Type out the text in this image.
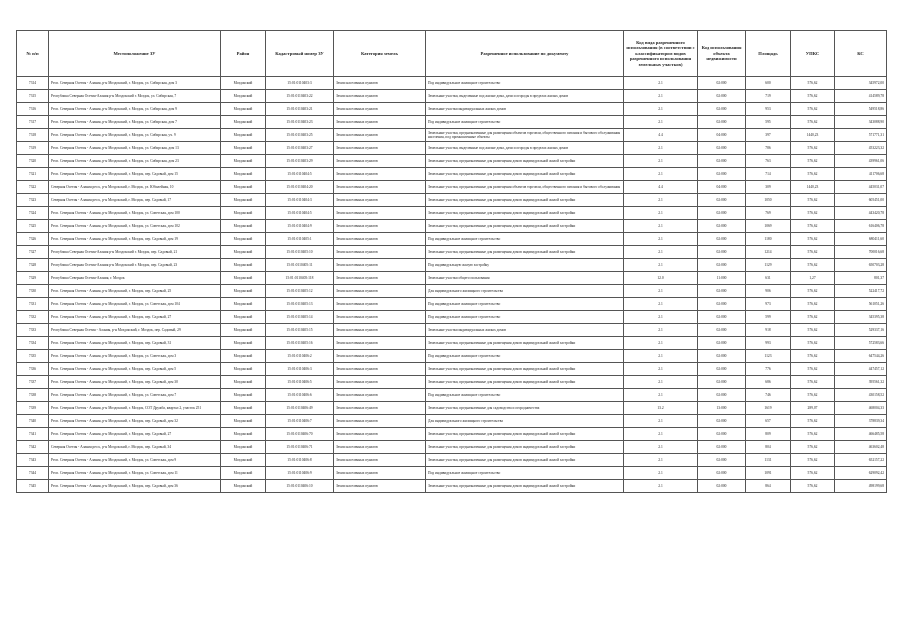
№ п/п	Местоположение ЗУ	Район	Кадастровый номер ЗУ	Категория земель	Разрешенное использование по документу	Код вида разрешенного использования (в соответствии с классификатором видов разрешенного использования земельных участков)	Код использования объекта недвижимости	Площадь	УПКС	КС
7314	Респ. Северная Осетия - Алания, р-н Моздокский, г. Моздок, ул. Сибирская, дом 3	Моздокский	15:01:0110403:3	Земли населенных пунктов	Под индивидуальное жилищное строительство	2.1	02:000	600	576,62	345972,00
7315	Республика Северная Осетия-Алания р-н Моздокский г. Моздок, ул. Сибирская, 7	Моздокский	15:01:0110403:22	Земли населенных пунктов	Земельные участки, выделенные под жилые дома, дачи и огороды в пределах жилых домов	2.1	02:000	719	576,62	414589,78
7316	Респ. Северная Осетия - Алания, р-н Моздокский, г. Моздок, ул. Сибирская, дом 9	Моздокский	15:01:0110403:21	Земли населенных пунктов	Земельные участки индивидуальных жилых домов	2.1	02:000	953	576,62	549518,86
7317	Респ. Северная Осетия - Алания, р-н Моздокский, г. Моздок, ул. Сибирская, дом 7	Моздокский	15:01:0110403:23	Земли населенных пунктов	Под индивидуальное жилищное строительство	2.1	02:000	595	576,62	343088,90
7318	Респ. Северная Осетия - Алания, р-н Моздокский, г. Моздок, ул. Сибирская, уч. 9	Моздокский	15:01:0110403:25	Земли населенных пунктов	Земельные участки, предназначенные для размещения объектов торговли, общественного питания и бытового обслуживания населения, под промышленные объекты	4.4	04:000	397	1440,23	571771,31
7319	Респ. Северная Осетия - Алания, р-н Моздокский, г. Моздок, ул. Сибирская, дом 13	Моздокский	15:01:0110403:27	Земли населенных пунктов	Земельные участки, выделенные под жилые дома, дачи и огороды в пределах жилых домов	2.1	02:000	786	576,62	453223,32
7320	Респ. Северная Осетия - Алания, р-н Моздокский, г. Моздок, ул. Сибирская, дом 23	Моздокский	15:01:0110403:29	Земли населенных пунктов	Земельные участки, предназначенные для размещения домов индивидуальной жилой застройки	2.1	02:000	763	576,62	439961,06
7321	Респ. Северная Осетия - Алания, р-н Моздокский, г. Моздок, пер. Садовый, дом 15	Моздокский	15:01:0110404:5	Земли населенных пунктов	Земельные участки, предназначенные для размещения домов индивидуальной жилой застройки	2.1	02:000	714	576,62	411706,68
7322	Северная Осетия - Алания респ., р-н Моздокский, г. Моздок, ул. Юбилейная, 10	Моздокский	15:01:0110404:20	Земли населенных пунктов	Земельные участки, предназначенные для размещения объектов торговли, общественного питания и бытового обслуживания	4.4	04:000	309	1440,23	445031,07
7323	Северная Осетия - Алания респ., р-н Моздокский, г. Моздок, пер. Садовый, 17	Моздокский	15:01:0110404:3	Земли населенных пунктов	Земельные участки, предназначенные для размещения домов индивидуальной жилой застройки	2.1	02:000	1050	576,62	605451,00
7324	Респ. Северная Осетия - Алания, р-н Моздокский, г. Моздок, ул. Советская, дом 100	Моздокский	15:01:0110404:5	Земли населенных пунктов	Земельные участки, предназначенные для размещения домов индивидуальной жилой застройки	2.1	02:000	769	576,62	443420,78
7325	Респ. Северная Осетия - Алания, р-н Моздокский, г. Моздок, ул. Советская, дом 102	Моздокский	15:01:0110404:9	Земли населенных пунктов	Земельные участки, предназначенные для размещения домов индивидуальной жилой застройки	2.1	02:000	1069	576,62	616406,78
7326	Респ. Северная Осетия - Алания, р-н Моздокский, г. Моздок, пер. Садовый, дом 19	Моздокский	15:01:0110405:1	Земли населенных пунктов	Под индивидуальное жилищное строительство	2.1	02:000	1180	576,62	680411,60
7327	Республика Северная Осетия-Алания р-н Моздокский г. Моздок, пер. Садовый, 21	Моздокский	15:01:0110405:10	Земли населенных пунктов	Земельные участки, предназначенные для размещения домов индивидуальной жилой застройки	2.1	02:000	1214	576,62	700016,68
7328	Республика Северная Осетия-Алания р-н Моздокский г. Моздок, пер. Садовый, 23	Моздокский	15:01:0110405:11	Земли населенных пунктов	Под индивидуальную жилую застройку	2.1	02:000	1129	576,62	650703,28
7329	Республика Северная Осетия-Алания, г. Моздок	Моздокский	15:01:0110405:118	Земли населенных пунктов	Земельные участки общего пользования	12.0	11:000	631	1,27	801,37
7330	Респ. Северная Осетия - Алания, р-н Моздокский, г. Моздок, пер. Садовый, 25	Моздокский	15:01:0110405:12	Земли населенных пунктов	Для индивидуального жилищного строительства	2.1	02:000	906	576,62	522417,72
7331	Респ. Северная Осетия - Алания, р-н Моздокский, г. Моздок, ул. Советская, дом 104	Моздокский	15:01:0110405:13	Земли населенных пунктов	Под индивидуальное жилищное строительство	2.1	02:000	973	576,62	561051,26
7332	Респ. Северная Осетия - Алания, р-н Моздокский, г. Моздок, пер. Садовый, 27	Моздокский	15:01:0110405:14	Земли населенных пунктов	Под индивидуальное жилищное строительство	2.1	02:000	599	576,62	345395,38
7333	Республика Северная Осетия - Алания, р-н Моздокский, г. Моздок, пер. Садовый, 29	Моздокский	15:01:0110405:15	Земли населенных пунктов	Земельные участки индивидуальных жилых домов	2.1	02:000	918	576,62	529337,16
7334	Респ. Северная Осетия - Алания, р-н Моздокский, г. Моздок, пер. Садовый, 31	Моздокский	15:01:0110405:16	Земли населенных пунктов	Земельные участки, предназначенные для размещения домов индивидуальной жилой застройки	2.1	02:000	993	576,62	572583,66
7335	Респ. Северная Осетия - Алания, р-н Моздокский, г. Моздок, ул. Советская, дом 3	Моздокский	15:01:0110406:2	Земли населенных пунктов	Под индивидуальное жилищное строительство	2.1	02:000	1123	576,62	647544,26
7336	Респ. Северная Осетия - Алания, р-н Моздокский, г. Моздок, пер. Садовый, дом 5	Моздокский	15:01:0110406:3	Земли населенных пунктов	Земельные участки, предназначенные для размещения домов индивидуальной жилой застройки	2.1	02:000	776	576,62	447457,12
7337	Респ. Северная Осетия - Алания, р-н Моздокский, г. Моздок, пер. Садовый, дом 30	Моздокский	15:01:0110406:5	Земли населенных пунктов	Земельные участки, предназначенные для размещения домов индивидуальной жилой застройки	2.1	02:000	686	576,62	395561,32
7338	Респ. Северная Осетия - Алания, р-н Моздокский, г. Моздок, ул. Советская, дом 7	Моздокский	15:01:0110406:6	Земли населенных пунктов	Под индивидуальное жилищное строительство	2.1	02:000	746	576,62	430158,52
7339	Респ. Северная Осетия - Алания, р-н Моздокский, г. Моздок, СОТ Дружба, квартал 2, участок 251	Моздокский	15:01:0110406:49	Земли населенных пунктов	Земельные участки, предназначенные для садоводства и огородничества	13.2	13:000	1619	289,07	468004,33
7340	Респ. Северная Осетия - Алания, р-н Моздокский, г. Моздок, пер. Садовый, дом 32	Моздокский	15:01:0110406:7	Земли населенных пунктов	Для индивидуального жилищного строительства	2.1	02:000	657	576,62	378839,34
7341	Респ. Северная Осетия - Алания, р-н Моздокский, г. Моздок, пер. Садовый, 27	Моздокский	15:01:0110406:70	Земли населенных пунктов	Земельные участки, предназначенные для размещения домов индивидуальной жилой застройки	2.1	02:000	809	576,62	466485,58
7342	Северная Осетия - Алания респ., р-н Моздокский, г. Моздок, пер. Садовый, 34	Моздокский	15:01:0110406:71	Земли населенных пунктов	Земельные участки, предназначенные для размещения домов индивидуальной жилой застройки	2.1	02:000	804	576,62	463602,48
7343	Респ. Северная Осетия - Алания, р-н Моздокский, г. Моздок, ул. Советская, дом 9	Моздокский	15:01:0110406:8	Земли населенных пунктов	Земельные участки, предназначенные для размещения домов индивидуальной жилой застройки	2.1	02:000	1131	576,62	652157,22
7344	Респ. Северная Осетия - Алания, р-н Моздокский, г. Моздок, ул. Советская, дом 11	Моздокский	15:01:0110406:9	Земли населенных пунктов	Под индивидуальное жилищное строительство	2.1	02:000	1091	576,62	629092,42
7345	Респ. Северная Осетия - Алания, р-н Моздокский, г. Моздок, пер. Садовый, дом 36	Моздокский	15:01:0110406:10	Земли населенных пунктов	Земельные участки, предназначенные для размещения домов индивидуальной жилой застройки	2.1	02:000	864	576,62	498199,68
